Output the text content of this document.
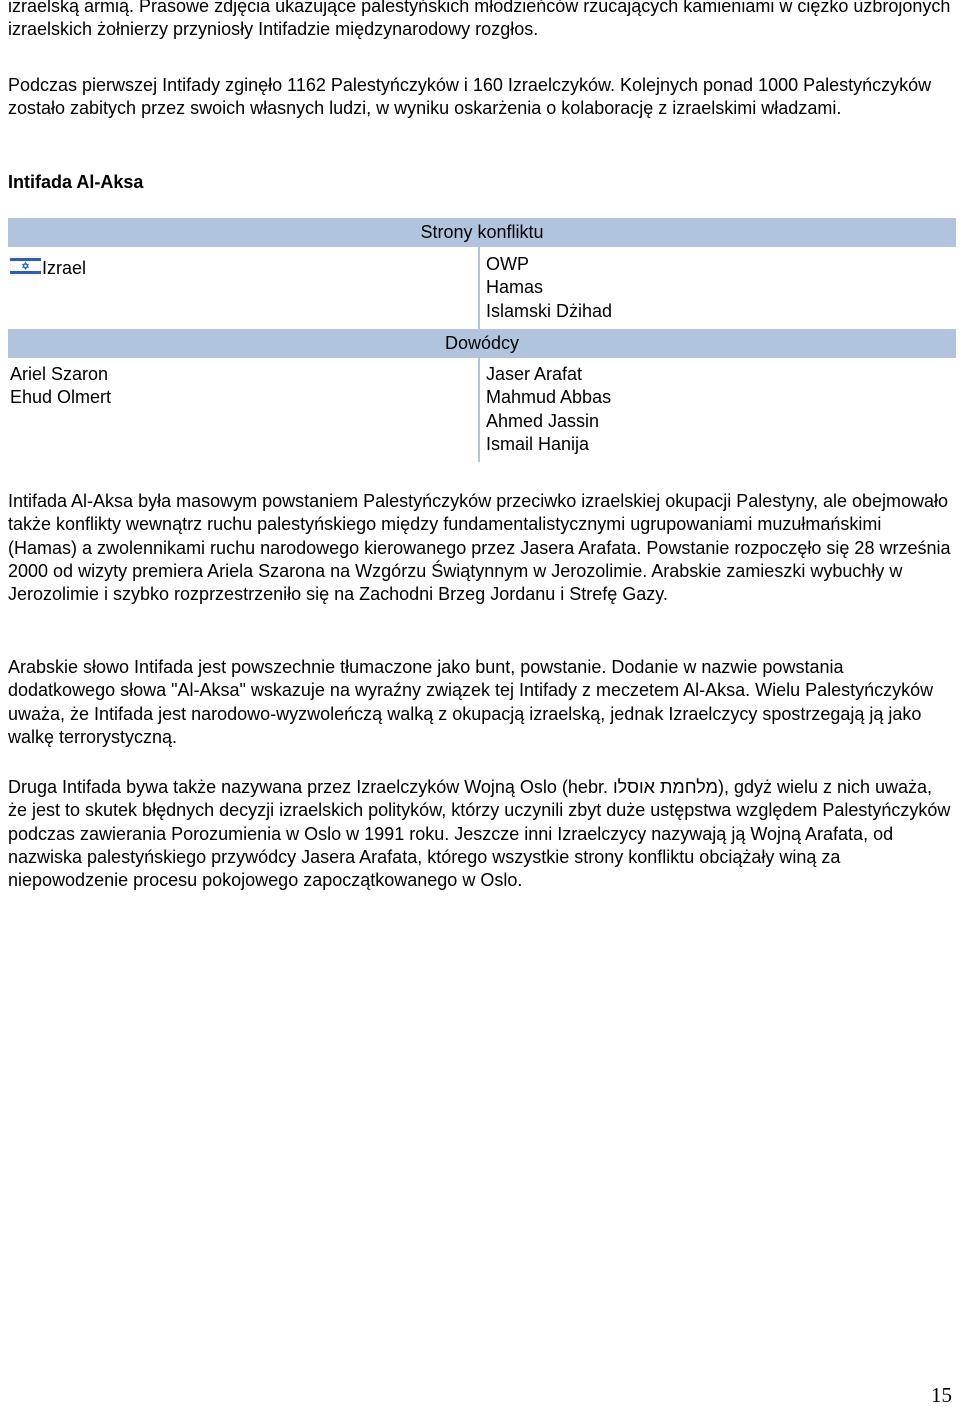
izraelską armią. Prasowe zdjęcia ukazujące palestyńskich młodzieńców rzucających kamieniami w ciężko uzbrojonych izraelskich żołnierzy przyniosły Intifadzie międzynarodowy rozgłos.

Podczas pierwszej Intifady zginęło 1162 Palestyńczyków i 160 Izraelczyków. Kolejnych ponad 1000 Palestyńczyków zostało zabitych przez swoich własnych ludzi, w wyniku oskarżenia o kolaborację z izraelskimi władzami.

Intifada Al-Aksa
Strony konfliktu
Izrael	OWP
Hamas
Islamski Dżihad
Dowódcy
Ariel Szaron
Ehud Olmert
Jaser Arafat
Mahmud Abbas
Ahmed Jassin
Ismail Hanija

Intifada Al-Aksa była masowym powstaniem Palestyńczyków przeciwko izraelskiej okupacji Palestyny, ale obejmowało także konflikty wewnątrz ruchu palestyńskiego między fundamentalistycznymi ugrupowaniami muzułmańskimi (Hamas) a zwolennikami ruchu narodowego kierowanego przez Jasera Arafata. Powstanie rozpoczęło się 28 września 2000 od wizyty premiera Ariela Szarona na Wzgórzu Świątynnym w Jerozolimie. Arabskie zamieszki wybuchły w Jerozolimie i szybko rozprzestrzeniło się na Zachodni Brzeg Jordanu i Strefę Gazy.

Arabskie słowo Intifada jest powszechnie tłumaczone jako bunt, powstanie. Dodanie w nazwie powstania dodatkowego słowa "Al-Aksa" wskazuje na wyraźny związek tej Intifady z meczetem Al-Aksa. Wielu Palestyńczyków uważa, że Intifada jest narodowo-wyzwoleńczą walką z okupacją izraelską, jednak Izraelczycy spostrzegają ją jako walkę terrorystyczną.

Druga Intifada bywa także nazywana przez Izraelczyków Wojną Oslo (hebr. מלחמת אוסלו), gdyż wielu z nich uważa, że jest to skutek błędnych decyzji izraelskich polityków, którzy uczynili zbyt duże ustępstwa względem Palestyńczyków podczas zawierania Porozumienia w Oslo w 1991 roku. Jeszcze inni Izraelczycy nazywają ją Wojną Arafata, od nazwiska palestyńskiego przywódcy Jasera Arafata, którego wszystkie strony konfliktu obciążały winą za niepowodzenie procesu pokojowego zapoczątkowanego w Oslo.

15
